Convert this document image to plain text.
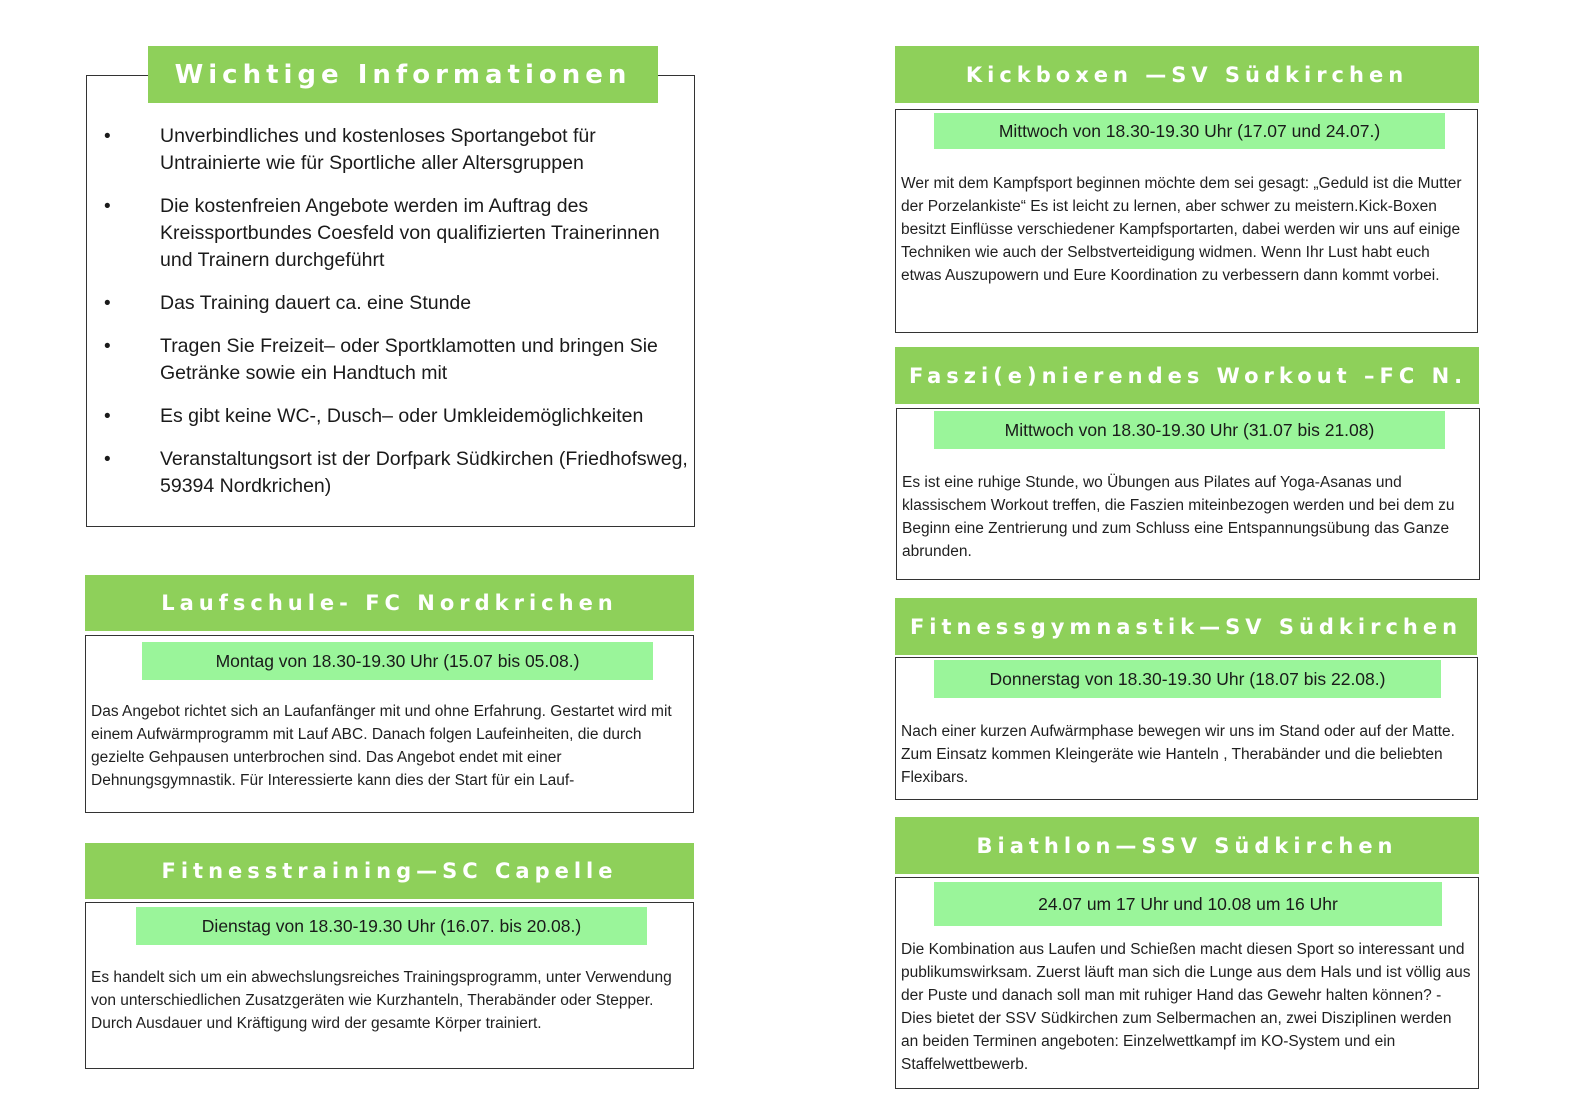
Wichtige Informationen
•	Unverbindliches und kostenloses Sportangebot für Untrainierte wie für Sportliche aller Altersgruppen
•	Die kostenfreien Angebote werden im Auftrag des Kreissportbundes Coesfeld von qualifizierten Trainerinnen und Trainern durchgeführt
•	Das Training dauert ca. eine Stunde
•	Tragen Sie Freizeit– oder Sportklamotten und bringen Sie Getränke sowie ein Handtuch mit
•	Es gibt keine WC-, Dusch– oder Umkleidemöglichkeiten
•	Veranstaltungsort ist der Dorfpark Südkirchen (Friedhofsweg, 59394 Nordkrichen)
Laufschule- FC Nordkrichen
Montag von 18.30-19.30 Uhr (15.07 bis 05.08.)

Das Angebot richtet sich an Laufanfänger mit und ohne Erfahrung. Gestartet wird mit einem Aufwärmprogramm mit Lauf ABC. Danach folgen Laufeinheiten, die durch gezielte Gehpausen unterbrochen sind. Das Angebot endet mit einer Dehnungsgymnastik. Für Interessierte kann dies der Start für ein Lauf-

Fitnesstraining—SC Capelle
Dienstag von 18.30-19.30 Uhr (16.07. bis 20.08.)

Es handelt sich um ein abwechslungsreiches Trainingsprogramm, unter Verwendung von unterschiedlichen Zusatzgeräten wie Kurzhanteln, Therabänder oder Stepper. Durch Ausdauer und Kräftigung wird der gesamte Körper trainiert.

Kickboxen —SV Südkirchen
Mittwoch von 18.30-19.30 Uhr (17.07 und 24.07.)

Wer mit dem Kampfsport beginnen möchte dem sei gesagt: „Geduld ist die Mutter der Porzelankiste“ Es ist leicht zu lernen, aber schwer zu meistern.Kick-Boxen besitzt Einflüsse verschiedener Kampfsportarten, dabei werden wir uns auf einige Techniken wie auch der Selbstverteidigung widmen. Wenn Ihr Lust habt euch etwas Auszupowern und Eure Koordination zu verbessern dann kommt vorbei.

Faszi(e)nierendes Workout –FC N.
Mittwoch von 18.30-19.30 Uhr (31.07 bis 21.08)

Es ist eine ruhige Stunde, wo Übungen aus Pilates auf Yoga-Asanas und klassischem Workout treffen, die Faszien miteinbezogen werden und bei dem zu Beginn eine Zentrierung und zum Schluss eine Entspannungsübung das Ganze abrunden.

Fitnessgymnastik—SV Südkirchen
Donnerstag von 18.30-19.30 Uhr (18.07 bis 22.08.)

Nach einer kurzen Aufwärmphase bewegen wir uns im Stand oder auf der Matte. Zum Einsatz kommen Kleingeräte wie Hanteln , Therabänder und die beliebten Flexibars.

Biathlon—SSV Südkirchen
24.07 um 17 Uhr und 10.08 um 16 Uhr

Die Kombination aus Laufen und Schießen macht diesen Sport so interessant und publikumswirksam. Zuerst läuft man sich die Lunge aus dem Hals und ist völlig aus der Puste und danach soll man mit ruhiger Hand das Gewehr halten können? - Dies bietet der SSV Südkirchen zum Selbermachen an, zwei Disziplinen werden an beiden Terminen angeboten: Einzelwettkampf im KO-System und ein Staffelwettbewerb.
